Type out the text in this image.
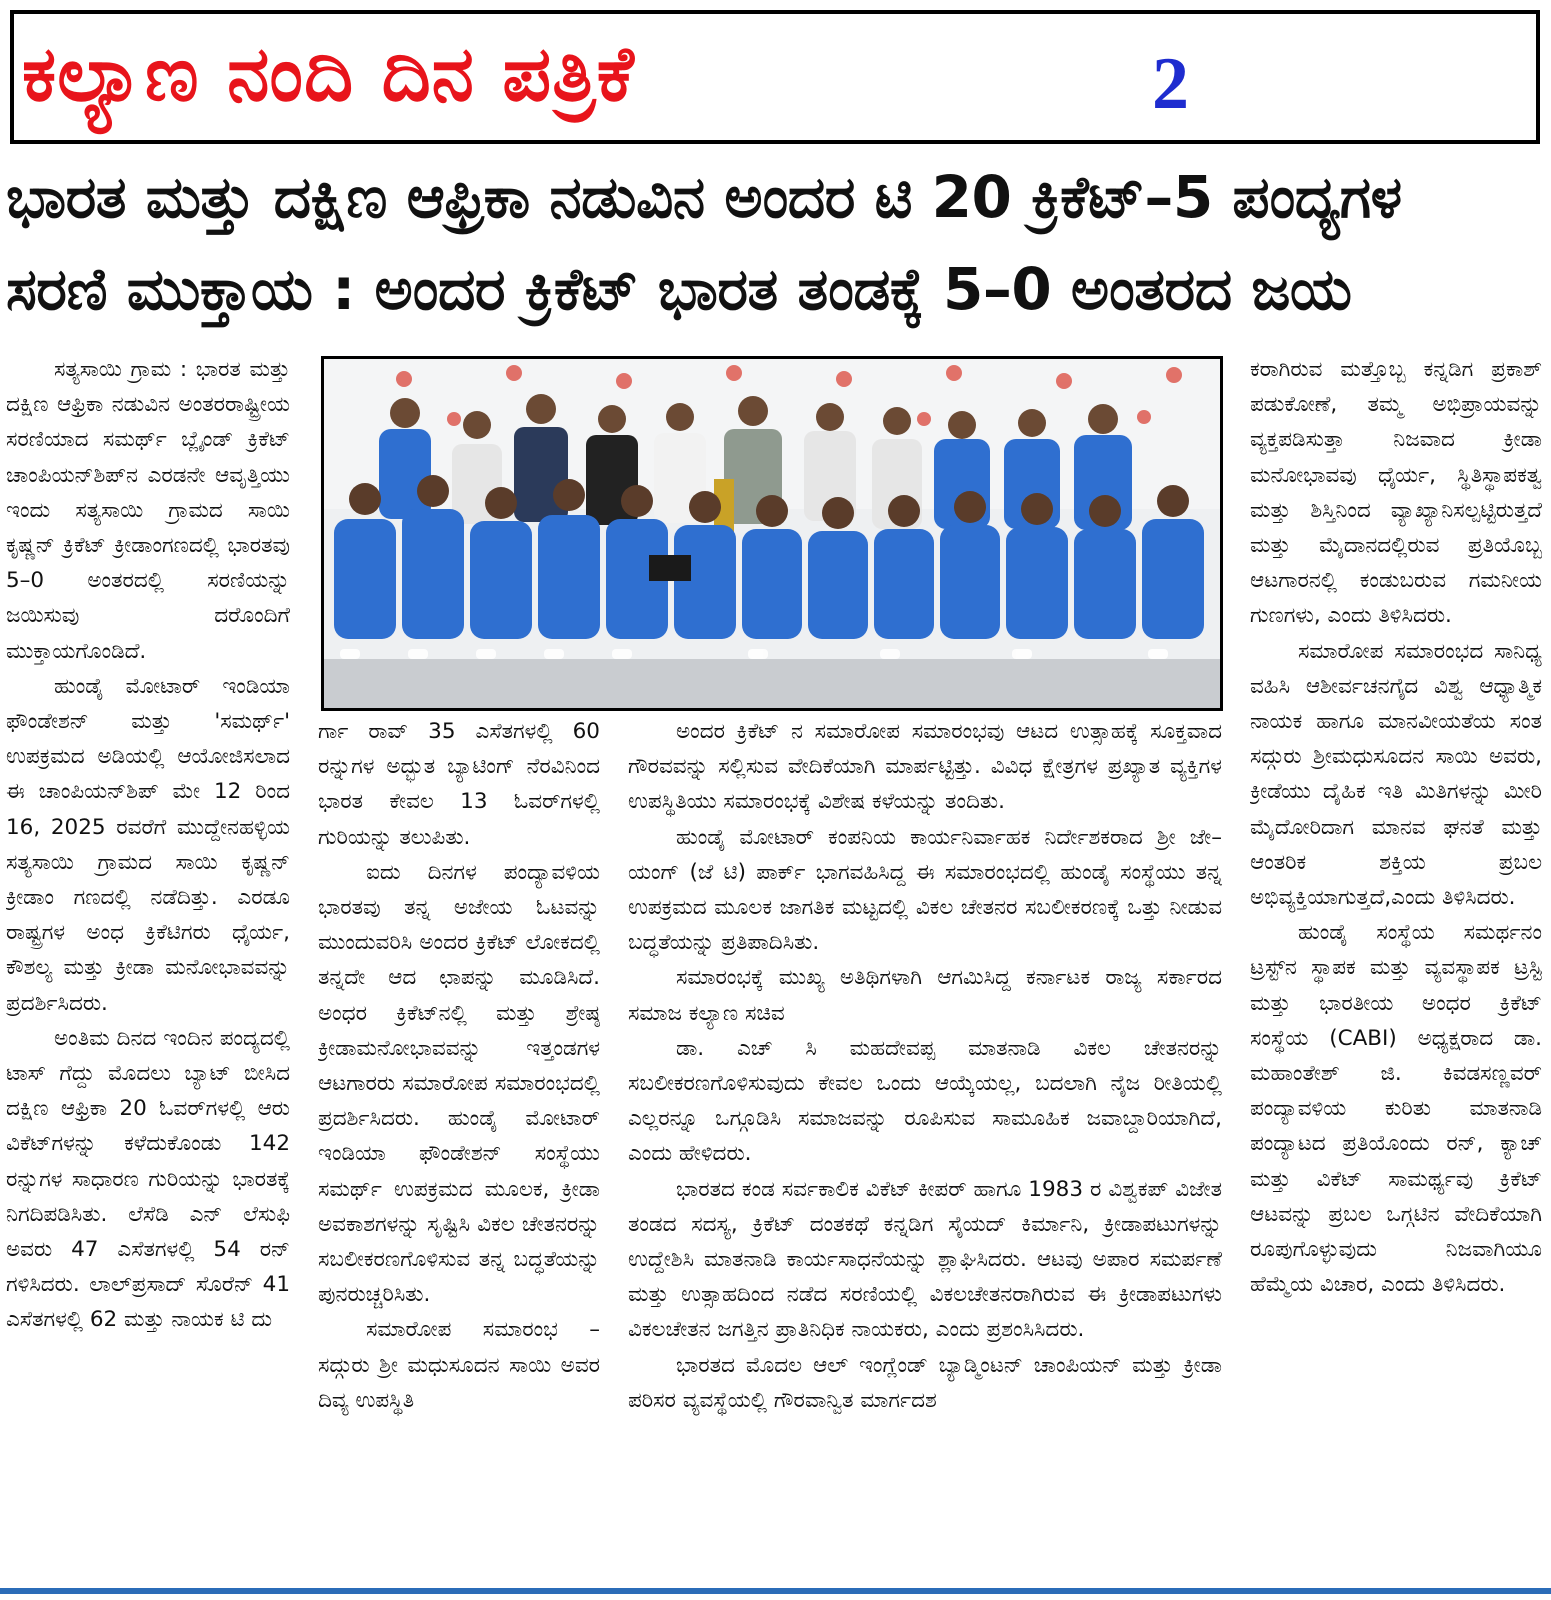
ಕಲ್ಯಾಣ ನಂದಿ ದಿನ ಪತ್ರಿಕೆ	2
ಭಾರತ ಮತ್ತು ದಕ್ಷಿಣ ಆಫ್ರಿಕಾ ನಡುವಿನ ಅಂದರ ಟಿ 20 ಕ್ರಿಕೆಟ್–5 ಪಂದ್ಯಗಳ
ಸರಣಿ ಮುಕ್ತಾಯ : ಅಂದರ ಕ್ರಿಕೆಟ್ ಭಾರತ ತಂಡಕ್ಕೆ 5–0 ಅಂತರದ ಜಯ

ಸತ್ಯಸಾಯಿ ಗ್ರಾಮ : ಭಾರತ ಮತ್ತು ದಕ್ಷಿಣ ಆಫ್ರಿಕಾ ನಡುವಿನ ಅಂತರರಾಷ್ಟ್ರೀಯ ಸರಣಿಯಾದ ಸಮರ್ಥ್ ಬ್ಲೈಂಡ್ ಕ್ರಿಕೆಟ್ ಚಾಂಪಿಯನ್‌ಶಿಪ್‌ನ ಎರಡನೇ ಆವೃತ್ತಿಯು ಇಂದು ಸತ್ಯಸಾಯಿ ಗ್ರಾಮದ ಸಾಯಿ ಕೃಷ್ಣನ್ ಕ್ರಿಕೆಟ್ ಕ್ರೀಡಾಂಗಣದಲ್ಲಿ ಭಾರತವು 5–0 ಅಂತರದಲ್ಲಿ ಸರಣಿಯನ್ನು ಜಯಿಸುವು ದರೊಂದಿಗೆ ಮುಕ್ತಾಯಗೊಂಡಿದೆ.

ಹುಂಡೈ ಮೋಟಾರ್ ಇಂಡಿಯಾ ಫೌಂಡೇಶನ್ ಮತ್ತು 'ಸಮರ್ಥ್' ಉಪಕ್ರಮದ ಅಡಿಯಲ್ಲಿ ಆಯೋಜಿಸಲಾದ ಈ ಚಾಂಪಿಯನ್‌ಶಿಪ್ ಮೇ 12 ರಿಂದ 16, 2025 ರವರೆಗೆ ಮುದ್ದೇನಹಳ್ಳಿಯ ಸತ್ಯಸಾಯಿ ಗ್ರಾಮದ ಸಾಯಿ ಕೃಷ್ಣನ್ ಕ್ರೀಡಾಂ ಗಣದಲ್ಲಿ ನಡೆದಿತ್ತು. ಎರಡೂ ರಾಷ್ಟ್ರಗಳ ಅಂಧ ಕ್ರಿಕೆಟಿಗರು ಧೈರ್ಯ, ಕೌಶಲ್ಯ ಮತ್ತು ಕ್ರೀಡಾ ಮನೋಭಾವವನ್ನು ಪ್ರದರ್ಶಿಸಿದರು.

ಅಂತಿಮ ದಿನದ ಇಂದಿನ ಪಂದ್ಯದಲ್ಲಿ ಟಾಸ್ ಗೆದ್ದು ಮೊದಲು ಬ್ಯಾಟ್ ಬೀಸಿದ ದಕ್ಷಿಣ ಆಫ್ರಿಕಾ 20 ಓವರ್‌ಗಳಲ್ಲಿ ಆರು ವಿಕೆಟ್‌ಗಳನ್ನು ಕಳೆದುಕೊಂಡು 142 ರನ್ನುಗಳ ಸಾಧಾರಣ ಗುರಿಯನ್ನು ಭಾರತಕ್ಕೆ ನಿಗದಿಪಡಿಸಿತು. ಲೆಸೆಡಿ ಎನ್ ಲೆಸುಫಿ ಅವರು 47 ಎಸೆತಗಳಲ್ಲಿ 54 ರನ್ ಗಳಿಸಿದರು. ಲಾಲ್‌ಪ್ರಸಾದ್ ಸೊರೆನ್ 41 ಎಸೆತಗಳಲ್ಲಿ 62 ಮತ್ತು ನಾಯಕ ಟಿ ದು

ರ್ಗಾ ರಾವ್ 35 ಎಸೆತಗಳಲ್ಲಿ 60 ರನ್ನುಗಳ ಅದ್ಭುತ ಬ್ಯಾಟಿಂಗ್ ನೆರವಿನಿಂದ ಭಾರತ ಕೇವಲ 13 ಓವರ್‌ಗಳಲ್ಲಿ ಗುರಿಯನ್ನು ತಲುಪಿತು.

ಐದು ದಿನಗಳ ಪಂದ್ಯಾವಳಿಯ ಭಾರತವು ತನ್ನ ಅಜೇಯ ಓಟವನ್ನು ಮುಂದುವರಿಸಿ ಅಂದರ ಕ್ರಿಕೆಟ್ ಲೋಕದಲ್ಲಿ ತನ್ನದೇ ಆದ ಛಾಪನ್ನು ಮೂಡಿಸಿದೆ. ಅಂಧರ ಕ್ರಿಕೆಟ್‌ನಲ್ಲಿ ಮತ್ತು ಶ್ರೇಷ್ಠ ಕ್ರೀಡಾಮನೋಭಾವವನ್ನು ಇತ್ತಂಡಗಳ ಆಟಗಾರರು ಸಮಾರೋಪ ಸಮಾರಂಭದಲ್ಲಿ ಪ್ರದರ್ಶಿಸಿದರು. ಹುಂಡೈ ಮೋಟಾರ್ ಇಂಡಿಯಾ ಫೌಂಡೇಶನ್ ಸಂಸ್ಥೆಯು ಸಮರ್ಥ್ ಉಪಕ್ರಮದ ಮೂಲಕ, ಕ್ರೀಡಾ ಅವಕಾಶಗಳನ್ನು ಸೃಷ್ಟಿಸಿ ವಿಕಲ ಚೇತನರನ್ನು ಸಬಲೀಕರಣಗೊಳಿಸುವ ತನ್ನ ಬದ್ಧತೆಯನ್ನು ಪುನರುಚ್ಚರಿಸಿತು.

ಸಮಾರೋಪ ಸಮಾರಂಭ – ಸದ್ಗುರು ಶ್ರೀ ಮಧುಸೂದನ ಸಾಯಿ ಅವರ ದಿವ್ಯ ಉಪಸ್ಥಿತಿ

ಅಂದರ ಕ್ರಿಕೆಟ್ ನ ಸಮಾರೋಪ ಸಮಾರಂಭವು ಆಟದ ಉತ್ಸಾಹಕ್ಕೆ ಸೂಕ್ತವಾದ ಗೌರವವನ್ನು ಸಲ್ಲಿಸುವ ವೇದಿಕೆಯಾಗಿ ಮಾರ್ಪಟ್ಟಿತ್ತು. ವಿವಿಧ ಕ್ಷೇತ್ರಗಳ ಪ್ರಖ್ಯಾತ ವ್ಯಕ್ತಿಗಳ ಉಪಸ್ಥಿತಿಯು ಸಮಾರಂಭಕ್ಕೆ ವಿಶೇಷ ಕಳೆಯನ್ನು ತಂದಿತು.

ಹುಂಡೈ ಮೋಟಾರ್ ಕಂಪನಿಯ ಕಾರ್ಯನಿರ್ವಾಹಕ ನಿರ್ದೇಶಕರಾದ ಶ್ರೀ ಜೇ–ಯಂಗ್ (ಜೆ ಟಿ) ಪಾರ್ಕ್ ಭಾಗವಹಿಸಿದ್ದ ಈ ಸಮಾರಂಭದಲ್ಲಿ ಹುಂಡೈ ಸಂಸ್ಥೆಯು ತನ್ನ ಉಪಕ್ರಮದ ಮೂಲಕ ಜಾಗತಿಕ ಮಟ್ಟದಲ್ಲಿ ವಿಕಲ ಚೇತನರ ಸಬಲೀಕರಣಕ್ಕೆ ಒತ್ತು ನೀಡುವ ಬದ್ಧತೆಯನ್ನು ಪ್ರತಿಪಾದಿಸಿತು.

ಸಮಾರಂಭಕ್ಕೆ ಮುಖ್ಯ ಅತಿಥಿಗಳಾಗಿ ಆಗಮಿಸಿದ್ದ ಕರ್ನಾಟಕ ರಾಜ್ಯ ಸರ್ಕಾರದ ಸಮಾಜ ಕಲ್ಯಾಣ ಸಚಿವ

ಡಾ. ಎಚ್ ಸಿ ಮಹದೇವಪ್ಪ ಮಾತನಾಡಿ ವಿಕಲ ಚೇತನರನ್ನು ಸಬಲೀಕರಣಗೊಳಿಸುವುದು ಕೇವಲ ಒಂದು ಆಯ್ಕೆಯಲ್ಲ, ಬದಲಾಗಿ ನೈಜ ರೀತಿಯಲ್ಲಿ ಎಲ್ಲರನ್ನೂ ಒಗ್ಗೂಡಿಸಿ ಸಮಾಜವನ್ನು ರೂಪಿಸುವ ಸಾಮೂಹಿಕ ಜವಾಬ್ದಾರಿಯಾಗಿದೆ, ಎಂದು ಹೇಳಿದರು.

ಭಾರತದ ಕಂಡ ಸರ್ವಕಾಲಿಕ ವಿಕೆಟ್ ಕೀಪರ್ ಹಾಗೂ 1983 ರ ವಿಶ್ವಕಪ್ ವಿಜೇತ ತಂಡದ ಸದಸ್ಯ, ಕ್ರಿಕೆಟ್ ದಂತಕಥೆ ಕನ್ನಡಿಗ ಸೈಯದ್ ಕಿರ್ಮಾನಿ, ಕ್ರೀಡಾಪಟುಗಳನ್ನು ಉದ್ದೇಶಿಸಿ ಮಾತನಾಡಿ ಕಾರ್ಯಸಾಧನೆಯನ್ನು ಶ್ಲಾಘಿಸಿದರು. ಆಟವು ಅಪಾರ ಸಮರ್ಪಣೆ ಮತ್ತು ಉತ್ಸಾಹದಿಂದ ನಡೆದ ಸರಣಿಯಲ್ಲಿ ವಿಕಲಚೇತನರಾಗಿರುವ ಈ ಕ್ರೀಡಾಪಟುಗಳು ವಿಕಲಚೇತನ ಜಗತ್ತಿನ ಪ್ರಾತಿನಿಧಿಕ ನಾಯಕರು, ಎಂದು ಪ್ರಶಂಸಿಸಿದರು.

ಭಾರತದ ಮೊದಲ ಆಲ್ ಇಂಗ್ಲೆಂಡ್ ಬ್ಯಾಡ್ಮಿಂಟನ್ ಚಾಂಪಿಯನ್ ಮತ್ತು ಕ್ರೀಡಾ ಪರಿಸರ ವ್ಯವಸ್ಥೆಯಲ್ಲಿ ಗೌರವಾನ್ವಿತ ಮಾರ್ಗದಶ

ಕರಾಗಿರುವ ಮತ್ತೊಬ್ಬ ಕನ್ನಡಿಗ ಪ್ರಕಾಶ್ ಪಡುಕೋಣೆ, ತಮ್ಮ ಅಭಿಪ್ರಾಯವನ್ನು ವ್ಯಕ್ತಪಡಿಸುತ್ತಾ ನಿಜವಾದ ಕ್ರೀಡಾ ಮನೋಭಾವವು ಧೈರ್ಯ, ಸ್ಥಿತಿಸ್ಥಾಪಕತ್ವ ಮತ್ತು ಶಿಸ್ತಿನಿಂದ ವ್ಯಾಖ್ಯಾನಿಸಲ್ಪಟ್ಟಿರುತ್ತದೆ ಮತ್ತು ಮೈದಾನದಲ್ಲಿರುವ ಪ್ರತಿಯೊಬ್ಬ ಆಟಗಾರನಲ್ಲಿ ಕಂಡುಬರುವ ಗಮನೀಯ ಗುಣಗಳು, ಎಂದು ತಿಳಿಸಿದರು.

ಸಮಾರೋಪ ಸಮಾರಂಭದ ಸಾನಿಧ್ಯ ವಹಿಸಿ ಆಶೀರ್ವಚನಗೈದ ವಿಶ್ವ ಆಧ್ಯಾತ್ಮಿಕ ನಾಯಕ ಹಾಗೂ ಮಾನವೀಯತೆಯ ಸಂತ ಸದ್ಗುರು ಶ್ರೀಮಧುಸೂದನ ಸಾಯಿ ಅವರು, ಕ್ರೀಡೆಯು ದೈಹಿಕ ಇತಿ ಮಿತಿಗಳನ್ನು ಮೀರಿ ಮೈದೋರಿದಾಗ ಮಾನವ ಘನತೆ ಮತ್ತು ಆಂತರಿಕ ಶಕ್ತಿಯ ಪ್ರಬಲ ಅಭಿವ್ಯಕ್ತಿಯಾಗುತ್ತದೆ,ಎಂದು ತಿಳಿಸಿದರು.

ಹುಂಡೈ ಸಂಸ್ಥೆಯ ಸಮರ್ಥನಂ ಟ್ರಸ್ಟ್‌ನ ಸ್ಥಾಪಕ ಮತ್ತು ವ್ಯವಸ್ಥಾಪಕ ಟ್ರಸ್ಟಿ ಮತ್ತು ಭಾರತೀಯ ಅಂಧರ ಕ್ರಿಕೆಟ್ ಸಂಸ್ಥೆಯ (CABI) ಅಧ್ಯಕ್ಷರಾದ ಡಾ. ಮಹಾಂತೇಶ್ ಜಿ. ಕಿವಡಸಣ್ಣವರ್ ಪಂದ್ಯಾವಳಿಯ ಕುರಿತು ಮಾತನಾಡಿ ಪಂದ್ಯಾಟದ ಪ್ರತಿಯೊಂದು ರನ್, ಕ್ಯಾಚ್ ಮತ್ತು ವಿಕೆಟ್ ಸಾಮರ್ಥ್ಯವು ಕ್ರಿಕೆಟ್ ಆಟವನ್ನು ಪ್ರಬಲ ಒಗ್ಗಟಿನ ವೇದಿಕೆಯಾಗಿ ರೂಪುಗೊಳ್ಳುವುದು ನಿಜವಾಗಿಯೂ ಹೆಮ್ಮೆಯ ವಿಚಾರ, ಎಂದು ತಿಳಿಸಿದರು.
